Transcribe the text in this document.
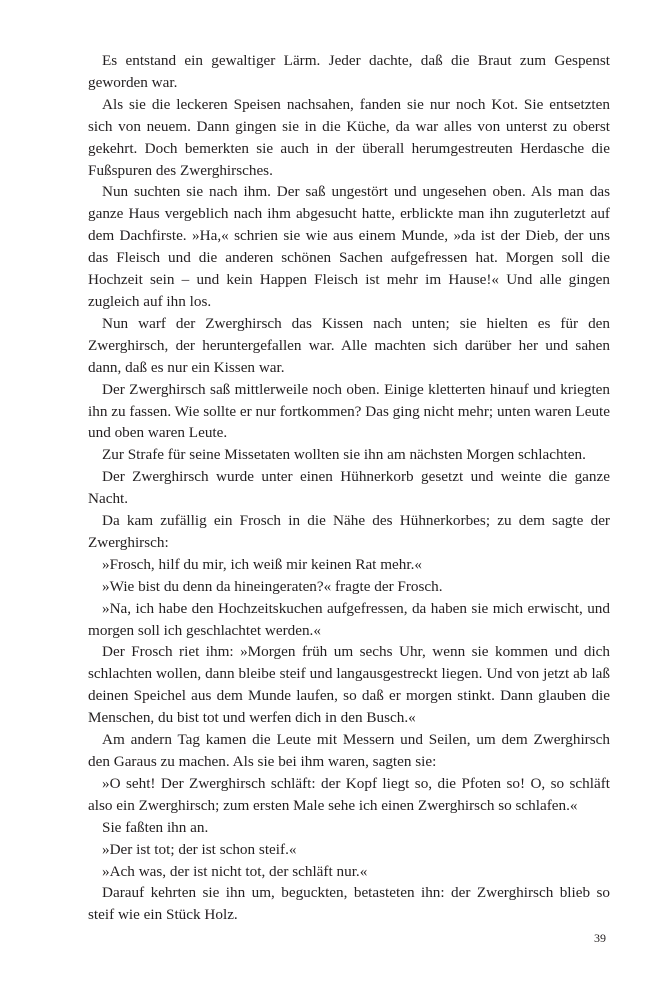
Es entstand ein gewaltiger Lärm. Jeder dachte, daß die Braut zum Gespenst geworden war.

Als sie die leckeren Speisen nachsahen, fanden sie nur noch Kot. Sie entsetzten sich von neuem. Dann gingen sie in die Küche, da war alles von unterst zu oberst gekehrt. Doch bemerkten sie auch in der überall herumgestreuten Herdasche die Fußspuren des Zwerghirsches.

Nun suchten sie nach ihm. Der saß ungestört und ungesehen oben. Als man das ganze Haus vergeblich nach ihm abgesucht hatte, erblickte man ihn zuguterletzt auf dem Dachfirste. »Ha,« schrien sie wie aus einem Munde, »da ist der Dieb, der uns das Fleisch und die anderen schönen Sachen aufgefressen hat. Morgen soll die Hochzeit sein – und kein Happen Fleisch ist mehr im Hause!« Und alle gingen zugleich auf ihn los.

Nun warf der Zwerghirsch das Kissen nach unten; sie hielten es für den Zwerghirsch, der heruntergefallen war. Alle machten sich darüber her und sahen dann, daß es nur ein Kissen war.

Der Zwerghirsch saß mittlerweile noch oben. Einige kletterten hinauf und kriegten ihn zu fassen. Wie sollte er nur fortkommen? Das ging nicht mehr; unten waren Leute und oben waren Leute.

Zur Strafe für seine Missetaten wollten sie ihn am nächsten Morgen schlachten.

Der Zwerghirsch wurde unter einen Hühnerkorb gesetzt und weinte die ganze Nacht.

Da kam zufällig ein Frosch in die Nähe des Hühnerkorbes; zu dem sagte der Zwerghirsch:

»Frosch, hilf du mir, ich weiß mir keinen Rat mehr.«

»Wie bist du denn da hineingeraten?« fragte der Frosch.

»Na, ich habe den Hochzeitskuchen aufgefressen, da haben sie mich erwischt, und morgen soll ich geschlachtet werden.«

Der Frosch riet ihm: »Morgen früh um sechs Uhr, wenn sie kommen und dich schlachten wollen, dann bleibe steif und langausgestreckt liegen. Und von jetzt ab laß deinen Speichel aus dem Munde laufen, so daß er morgen stinkt. Dann glauben die Menschen, du bist tot und werfen dich in den Busch.«

Am andern Tag kamen die Leute mit Messern und Seilen, um dem Zwerghirsch den Garaus zu machen. Als sie bei ihm waren, sagten sie:

»O seht! Der Zwerghirsch schläft: der Kopf liegt so, die Pfoten so! O, so schläft also ein Zwerghirsch; zum ersten Male sehe ich einen Zwerghirsch so schlafen.«

Sie faßten ihn an.

»Der ist tot; der ist schon steif.«

»Ach was, der ist nicht tot, der schläft nur.«

Darauf kehrten sie ihn um, beguckten, betasteten ihn: der Zwerghirsch blieb so steif wie ein Stück Holz.

39
